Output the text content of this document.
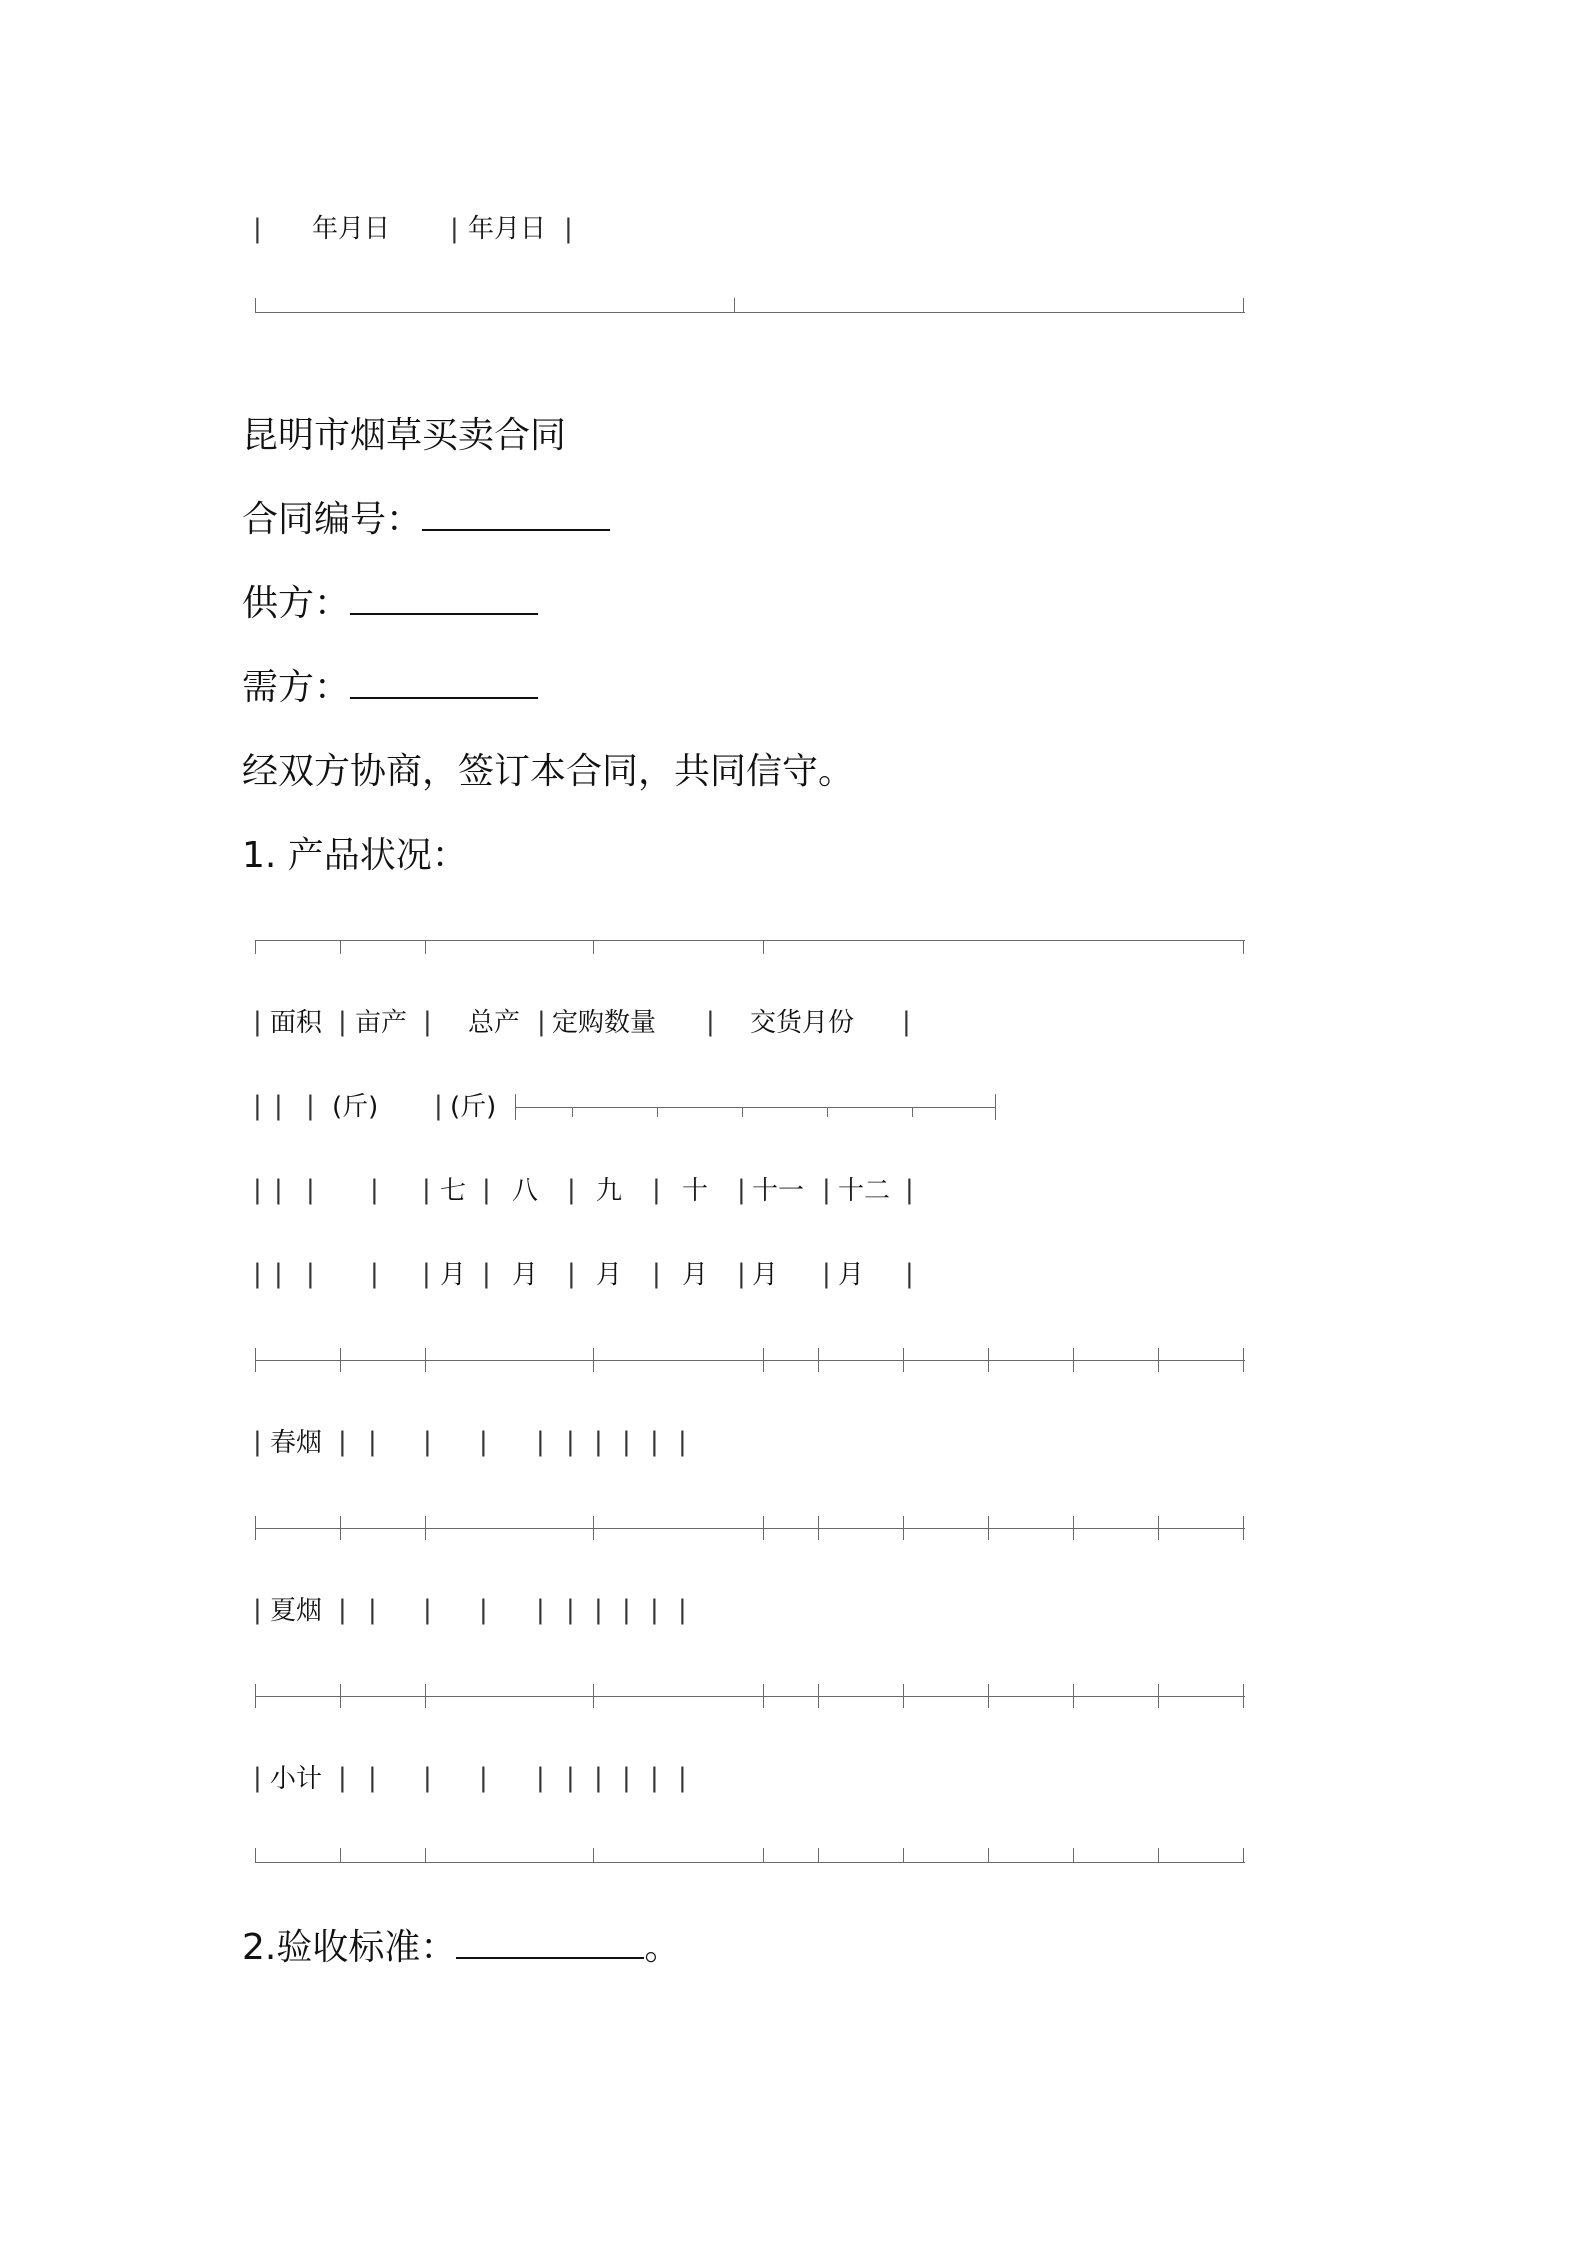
| 年月日 | 年月日 |
昆明市烟草买卖合同
合同编号：
供方：
需方：
经双方协商，签订本合同，共同信守。
1. 产品状况：
| 面积 | 亩产 | 总产 | 定购数量 | 交货月份 |
| | | (斤) | (斤)
| | | | | 七 | 八 | 九 | 十 | 十一 | 十二 |
| | | | | 月 | 月 | 月 | 月 | 月 | 月 |
| 春烟 | | | | | | | | | |
| 夏烟 | | | | | | | | | |
| 小计 | | | | | | | | | |
2.验收标准：	。
